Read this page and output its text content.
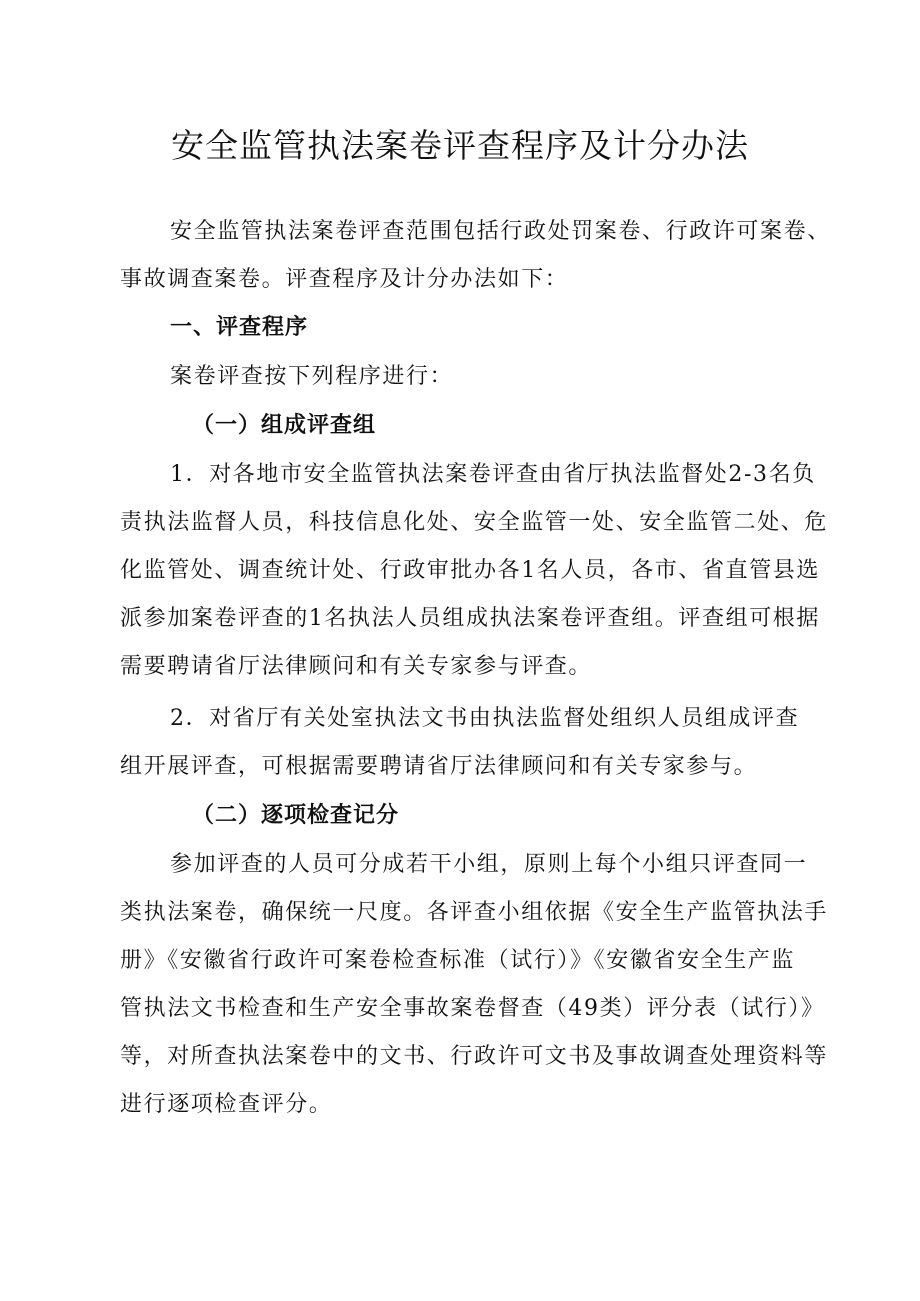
安全监管执法案卷评查程序及计分办法
安全监管执法案卷评查范围包括行政处罚案卷、行政许可案卷、
事故调查案卷。评查程序及计分办法如下：
一、评查程序
案卷评查按下列程序进行：
（一）组成评查组
1．对各地市安全监管执法案卷评查由省厅执法监督处2-3名负
责执法监督人员，科技信息化处、安全监管一处、安全监管二处、危
化监管处、调查统计处、行政审批办各1名人员，各市、省直管县选
派参加案卷评查的1名执法人员组成执法案卷评查组。评查组可根据
需要聘请省厅法律顾问和有关专家参与评查。
2．对省厅有关处室执法文书由执法监督处组织人员组成评查
组开展评查，可根据需要聘请省厅法律顾问和有关专家参与。
（二）逐项检查记分
参加评查的人员可分成若干小组，原则上每个小组只评查同一
类执法案卷，确保统一尺度。各评查小组依据《安全生产监管执法手
册》《安徽省行政许可案卷检查标准（试行）》《安徽省安全生产监
管执法文书检查和生产安全事故案卷督查（49类）评分表（试行）》
等，对所查执法案卷中的文书、行政许可文书及事故调查处理资料等
进行逐项检查评分。
